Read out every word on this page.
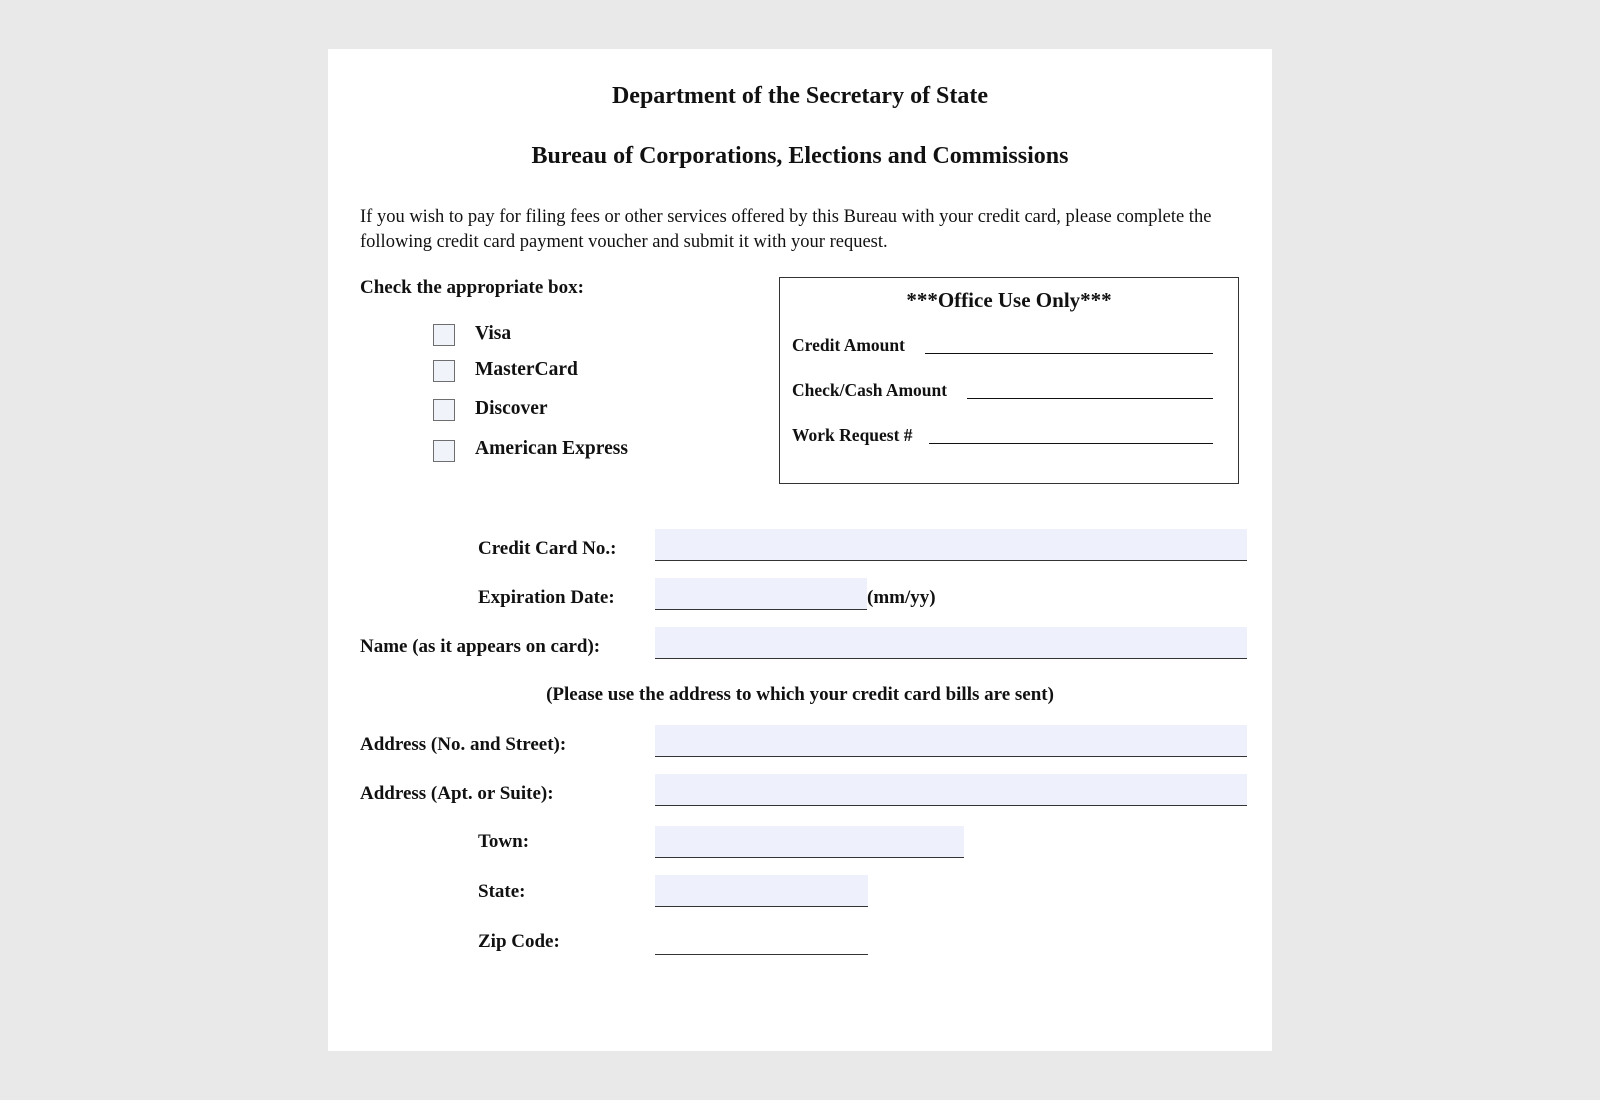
Department of the Secretary of State
Bureau of Corporations, Elections and Commissions
If you wish to pay for filing fees or other services offered by this Bureau with your credit card, please complete the following credit card payment voucher and submit it with your request.
Check the appropriate box:
Visa
MasterCard
Discover
American Express
***Office Use Only***
Credit Amount
Check/Cash Amount
Work Request #
Credit Card No.:
Expiration Date:	(mm/yy)
Name (as it appears on card):
(Please use the address to which your credit card bills are sent)
Address (No. and Street):
Address (Apt. or Suite):
Town:
State:
Zip Code:
